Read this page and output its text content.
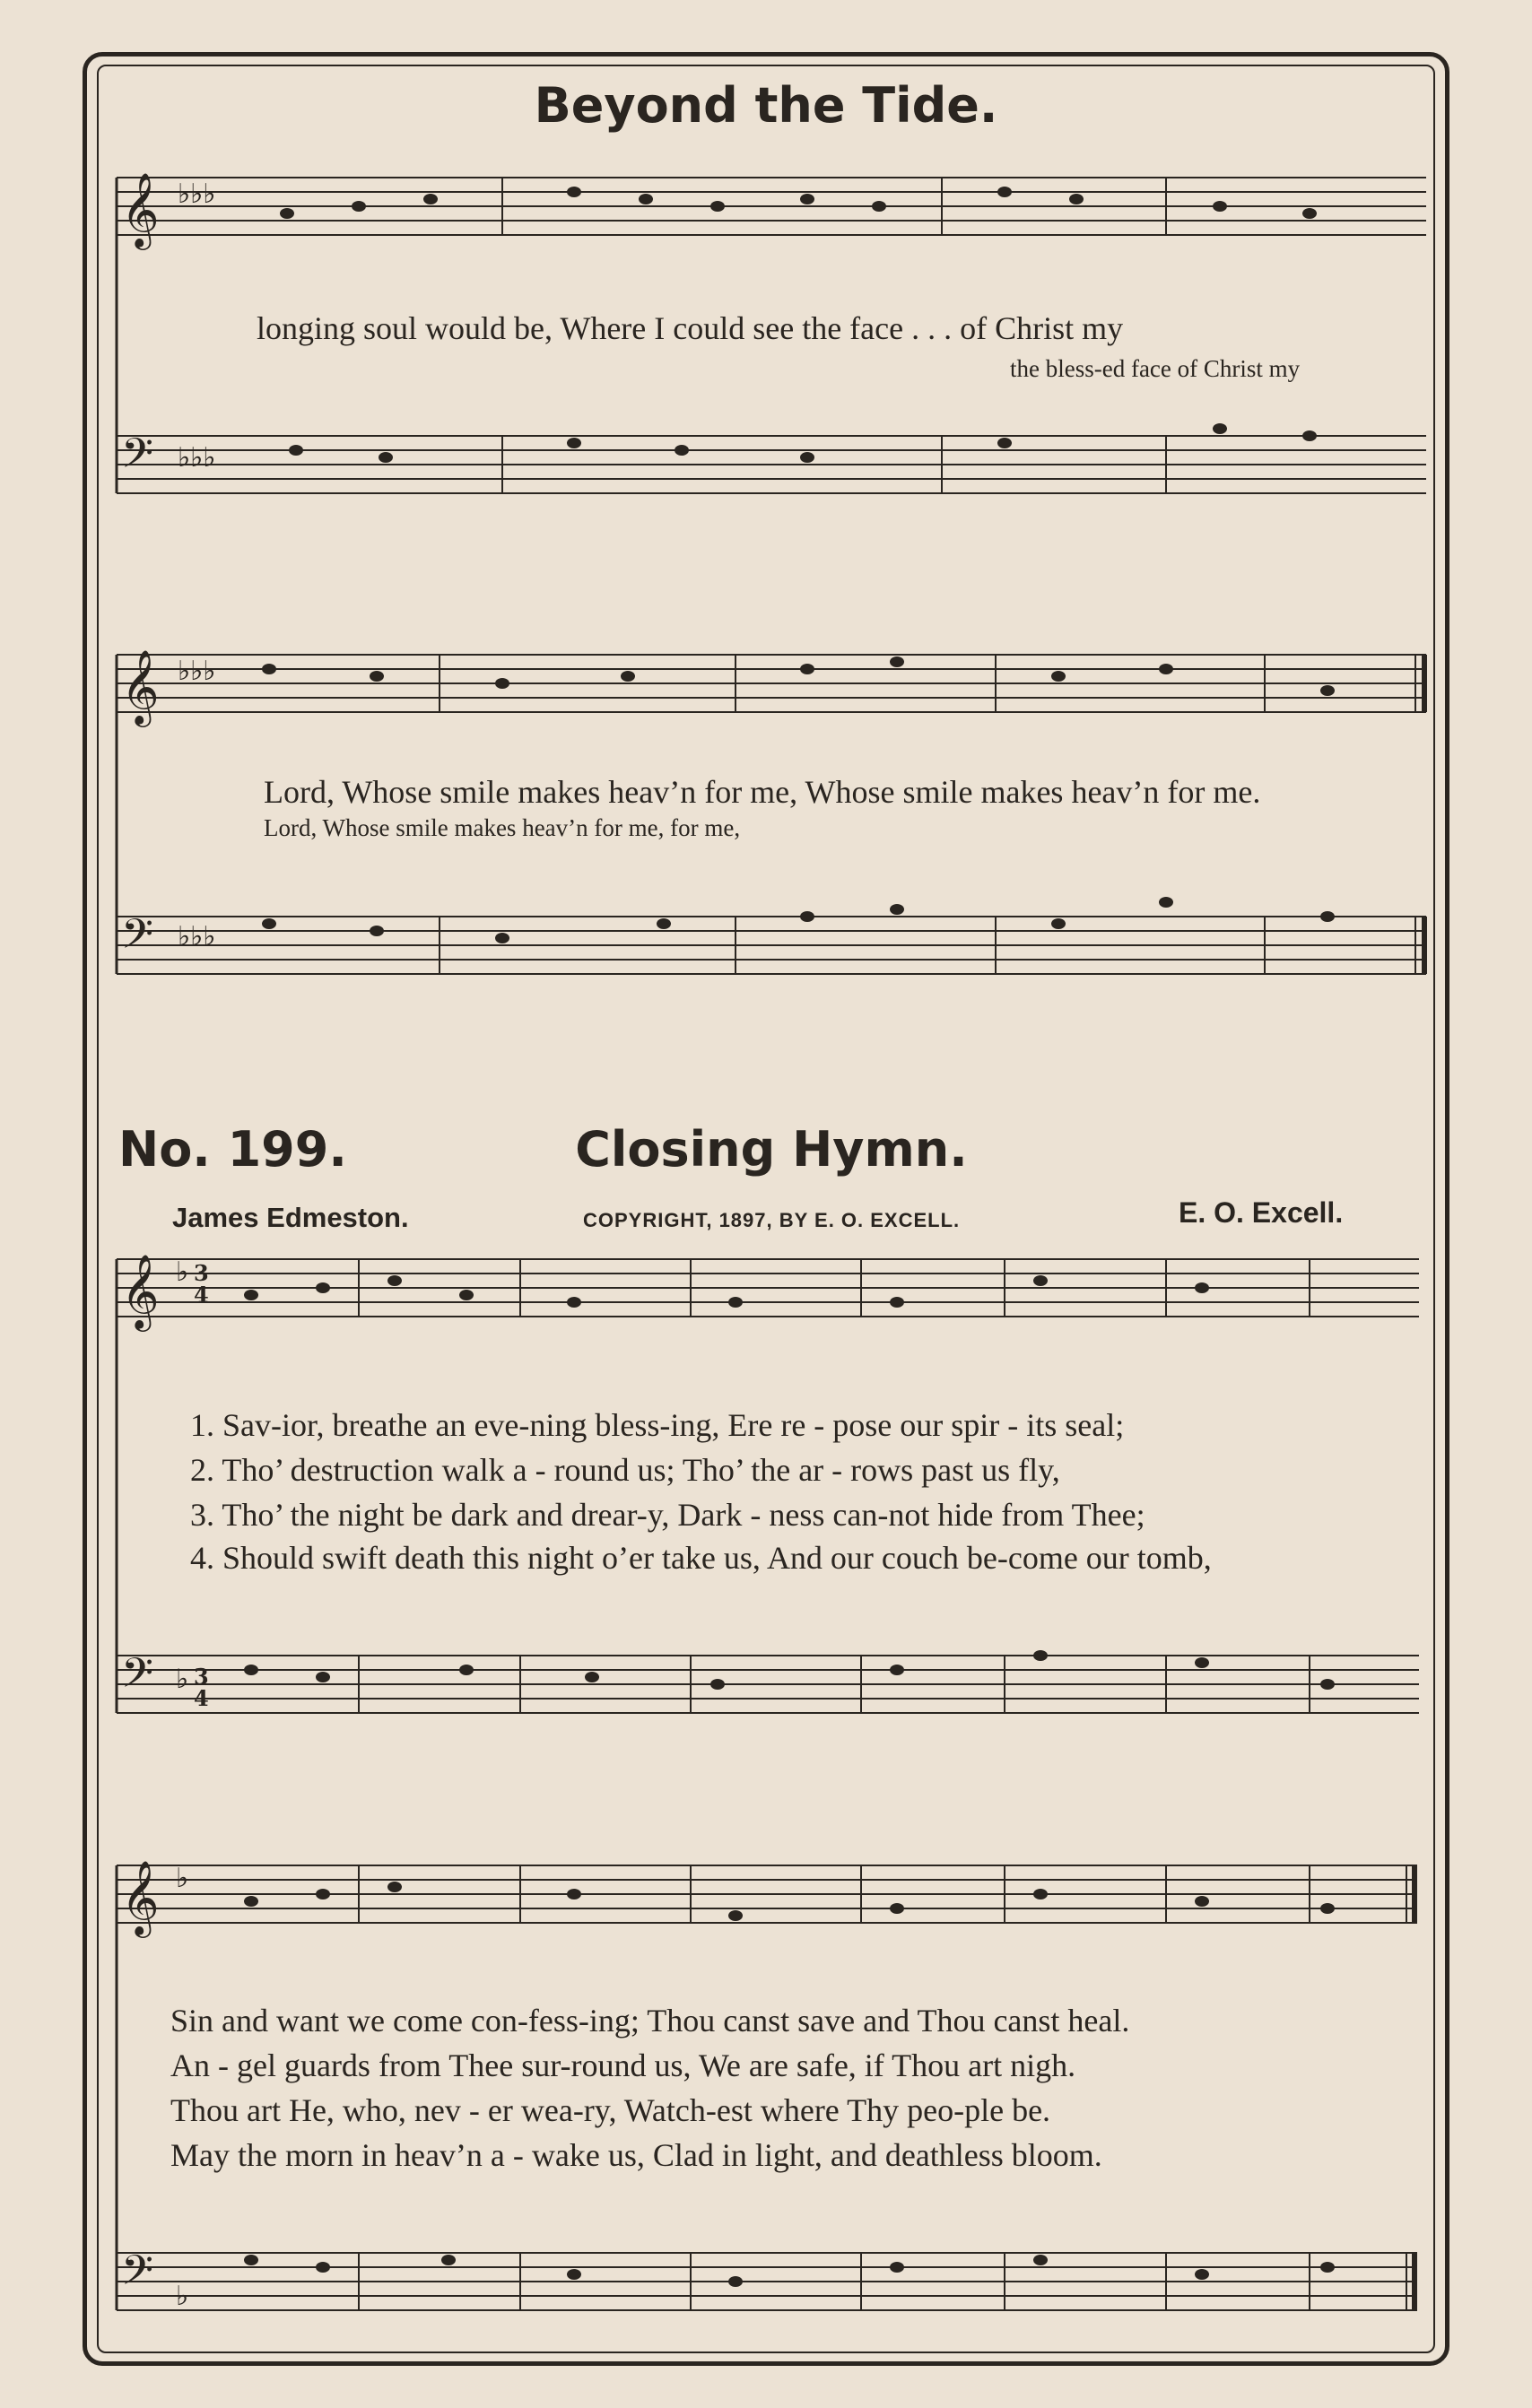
Beyond the Tide.
𝄞
𝄢
𝄞
𝄢
𝄞
𝄢
𝄞
𝄢
♭♭♭
♭♭♭
♭♭♭
♭♭♭
♭
♭
♭
♭
3
4
3
4
longing soul would be, Where I could see the face . . . of Christ my
the bless-ed face of Christ my
Lord, Whose smile makes heav’n for me, Whose smile makes heav’n for me.
Lord, Whose smile makes heav’n for me, for me,
No. 199.	Closing Hymn.
James Edmeston.	COPYRIGHT, 1897, BY E. O. EXCELL.	E. O. Excell.
1. Sav-ior, breathe an eve-ning bless-ing, Ere re - pose our spir - its seal;
2. Tho’ destruction walk a - round us; Tho’ the ar - rows past us fly,
3. Tho’ the night be dark and drear-y, Dark - ness can-not hide from Thee;
4. Should swift death this night o’er take us, And our couch be-come our tomb,
Sin and want we come con-fess-ing; Thou canst save and Thou canst heal.
An - gel guards from Thee sur-round us, We are safe, if Thou art nigh.
Thou art He, who, nev - er wea-ry, Watch-est where Thy peo-ple be.
May the morn in heav’n a - wake us, Clad in light, and deathless bloom.
